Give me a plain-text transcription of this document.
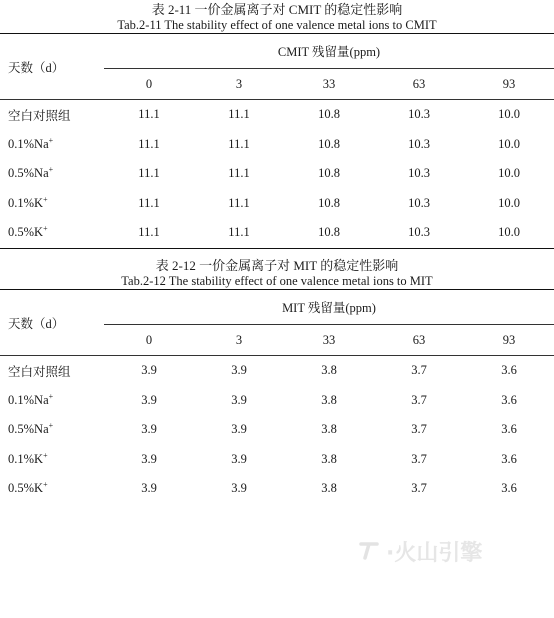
表 2-11 一价金属离子对 CMIT 的稳定性影响
Tab.2-11 The stability effect of one valence metal ions to CMIT

天数（d）	CMIT 残留量(ppm)				
	0	3	33	63	93
空白对照组	11.1	11.1	10.8	10.3	10.0
0.1%Na+	11.1	11.1	10.8	10.3	10.0
0.5%Na+	11.1	11.1	10.8	10.3	10.0
0.1%K+	11.1	11.1	10.8	10.3	10.0
0.5%K+	11.1	11.1	10.8	10.3	10.0

表 2-12 一价金属离子对 MIT 的稳定性影响
Tab.2-12 The stability effect of one valence metal ions to MIT

天数（d）	MIT 残留量(ppm)				
	0	3	33	63	93
空白对照组	3.9	3.9	3.8	3.7	3.6
0.1%Na+	3.9	3.9	3.8	3.7	3.6
0.5%Na+	3.9	3.9	3.8	3.7	3.6
0.1%K+	3.9	3.9	3.8	3.7	3.6
0.5%K+	3.9	3.9	3.8	3.7	3.6
·火山引擎
